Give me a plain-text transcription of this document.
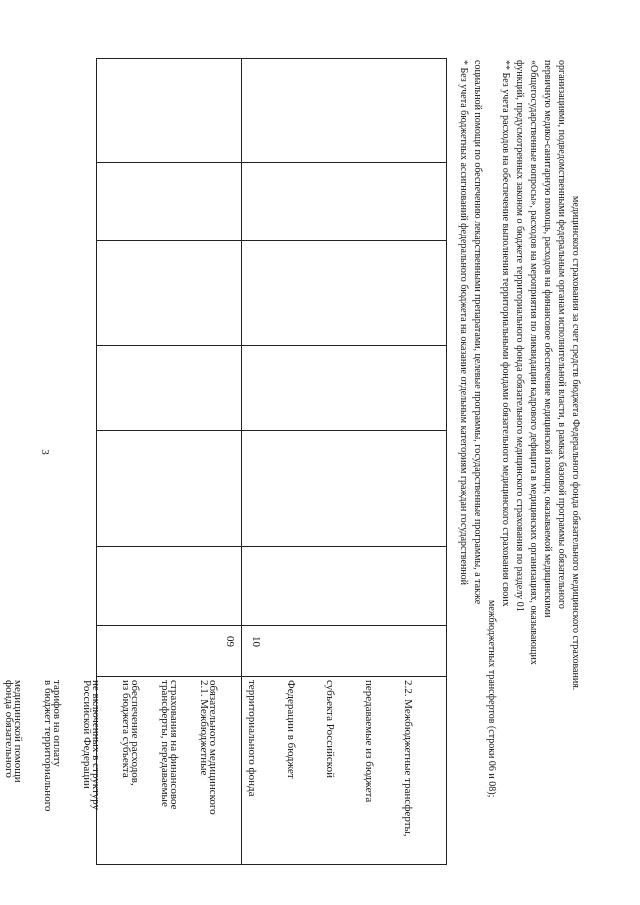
3
09 10

2.1. Межбюджетные

трансферты, передаваемые

из бюджета субъекта

Российской Федерации

в бюджет территориального

фонда обязательного

	2.2. Межбюджетные трансферты,

передаваемые из бюджета

субъекта Российской

Федерации в бюджет

территориального фонда

обязательного медицинского

страхования на финансовое

обеспечение расходов,

не включенных в структуру

тарифов на оплату

медицинской помощи

* Без учета бюджетных ассигнований федерального бюджета на оказание отдельным категориям граждан государственной социальной помощи по обеспечению лекарственными препаратами, целевые программы, государственные программы, а также
межбюджетных трансфертов (строки 06 и 08);
** Без учета расходов на обеспечение выполнения территориальными фондами обязательного медицинского страхования своих функций, предусмотренных законом о бюджете территориального фонда обязательного медицинского страхования по разделу 01 «Общегосударственные вопросы», расходов на мероприятия по ликвидации кадрового дефицита в медицинских организациях, оказывающих первичную медико-санитарную помощь, расходов на финансовое обеспечение медицинской помощи, оказываемой медицинскими организациями, подведомственными федеральным органам исполнительной власти, в рамках базовой программы обязательного медицинского страхования за счет средств бюджета Федерального фонда обязательного медицинского страхования.
